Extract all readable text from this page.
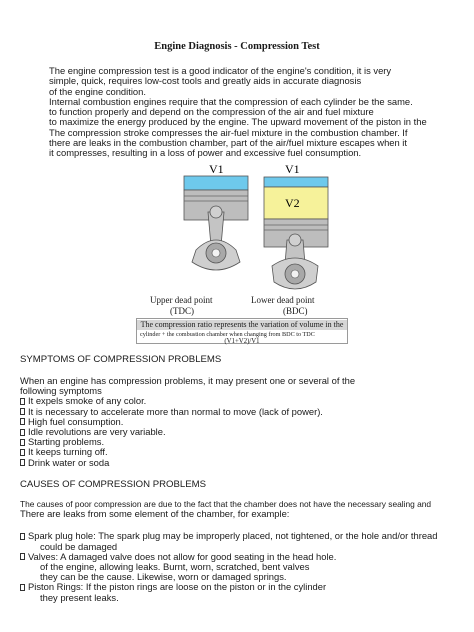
Engine Diagnosis - Compression Test
The engine compression test is a good indicator of the engine's condition, it is very
simple, quick, requires low-cost tools and greatly aids in accurate diagnosis
of the engine condition.
Internal combustion engines require that the compression of each cylinder be the same.
to function properly and depend on the compression of the air and fuel mixture
to maximize the energy produced by the engine. The upward movement of the piston in the
The compression stroke compresses the air-fuel mixture in the combustion chamber. If
there are leaks in the combustion chamber, part of the air/fuel mixture escapes when it
it compresses, resulting in a loss of power and excessive fuel consumption.
V1	V1
V2
Upper dead point
(TDC)
Lower dead point
(BDC)
The compression ratio represents the variation of volume in the
cylinder + the combustion chamber when changing from BDC to TDC
(V1+V2)/V1
SYMPTOMS OF COMPRESSION PROBLEMS
When an engine has compression problems, it may present one or several of the
following symptoms
It expels smoke of any color.
It is necessary to accelerate more than normal to move (lack of power).
High fuel consumption.
Idle revolutions are very variable.
Starting problems.
It keeps turning off.
Drink water or soda
CAUSES OF COMPRESSION PROBLEMS
The causes of poor compression are due to the fact that the chamber does not have the necessary sealing and
There are leaks from some element of the chamber, for example:
Spark plug hole: The spark plug may be improperly placed, not tightened, or the hole and/or thread
could be damaged
Valves: A damaged valve does not allow for good seating in the head hole.
of the engine, allowing leaks. Burnt, worn, scratched, bent valves
they can be the cause. Likewise, worn or damaged springs.
Piston Rings: If the piston rings are loose on the piston or in the cylinder
they present leaks.
